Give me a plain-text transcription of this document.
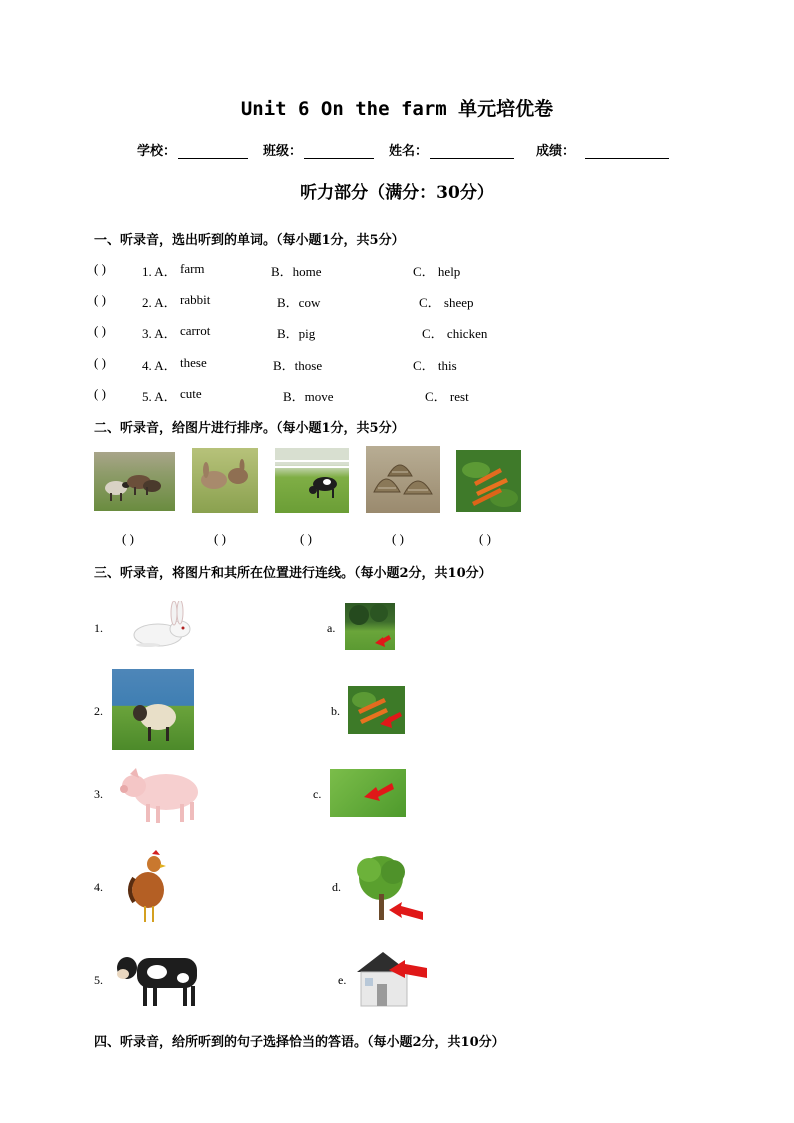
Unit 6 On the farm 单元培优卷
学校：	班级：	姓名：	成绩：
听力部分（满分：30分）
一、听录音，选出听到的单词。（每小题1分，共5分）
( )	1. A． farm	B．home	C． help
( )	2. A． rabbit	B．cow	C． sheep
( )	3. A． carrot	B．pig	C． chicken
( )	4. A． these	B．those	C． this
( )	5. A． cute	B．move	C． rest
二、听录音，给图片进行排序。（每小题1分，共5分）
( )	( )	( )	( )	( )
三、听录音，将图片和其所在位置进行连线。（每小题2分，共10分）
1.
2.
3.
4.
5.
a.
b.
c.
d.
e.
四、听录音，给所听到的句子选择恰当的答语。（每小题2分，共10分）
